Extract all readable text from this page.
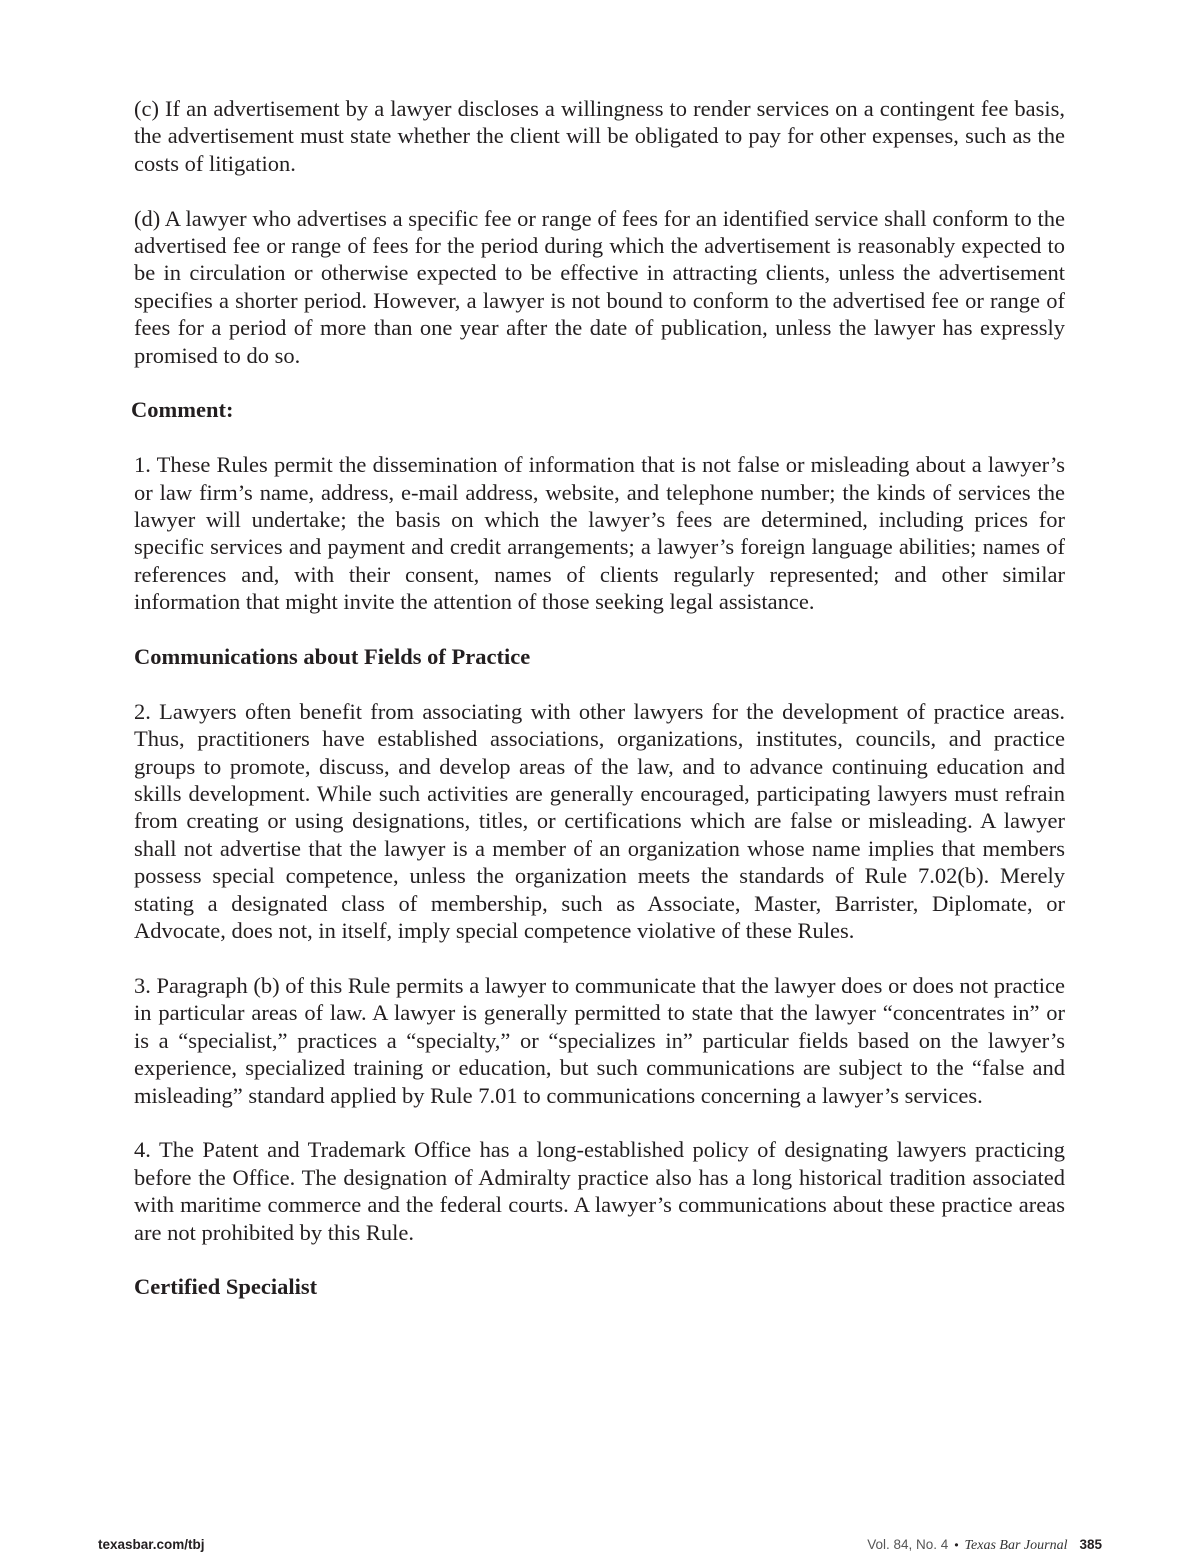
(c) If an advertisement by a lawyer discloses a willingness to render services on a contingent fee basis, the advertisement must state whether the client will be obligated to pay for other expenses, such as the costs of litigation.

(d) A lawyer who advertises a specific fee or range of fees for an identified service shall conform to the advertised fee or range of fees for the period during which the advertisement is reasonably expected to be in circulation or otherwise expected to be effective in attracting clients, unless the advertisement specifies a shorter period. However, a lawyer is not bound to conform to the advertised fee or range of fees for a period of more than one year after the date of publication, unless the lawyer has expressly promised to do so.

Comment:

1. These Rules permit the dissemination of information that is not false or misleading about a lawyer’s or law firm’s name, address, e-mail address, website, and telephone number; the kinds of services the lawyer will undertake; the basis on which the lawyer’s fees are determined, including prices for specific services and payment and credit arrangements; a lawyer’s foreign language abilities; names of references and, with their consent, names of clients regularly represented; and other similar information that might invite the attention of those seeking legal assistance.

Communications about Fields of Practice

2. Lawyers often benefit from associating with other lawyers for the development of practice areas. Thus, practitioners have established associations, organizations, institutes, councils, and practice groups to promote, discuss, and develop areas of the law, and to advance continuing education and skills development. While such activities are generally encouraged, participating lawyers must refrain from creating or using designations, titles, or certifications which are false or misleading. A lawyer shall not advertise that the lawyer is a member of an organization whose name implies that members possess special competence, unless the organization meets the standards of Rule 7.02(b). Merely stating a designated class of membership, such as Associate, Master, Barrister, Diplomate, or Advocate, does not, in itself, imply special competence violative of these Rules.

3. Paragraph (b) of this Rule permits a lawyer to communicate that the lawyer does or does not practice in particular areas of law. A lawyer is generally permitted to state that the lawyer “concentrates in” or is a “specialist,” practices a “specialty,” or “specializes in” particular fields based on the lawyer’s experience, specialized training or education, but such communications are subject to the “false and misleading” standard applied by Rule 7.01 to communications concerning a lawyer’s services.

4. The Patent and Trademark Office has a long-established policy of designating lawyers practicing before the Office. The designation of Admiralty practice also has a long historical tradition associated with maritime commerce and the federal courts. A lawyer’s communications about these practice areas are not prohibited by this Rule.

Certified Specialist
texasbar.com/tbj	Vol. 84, No. 4 • Texas Bar Journal 385
